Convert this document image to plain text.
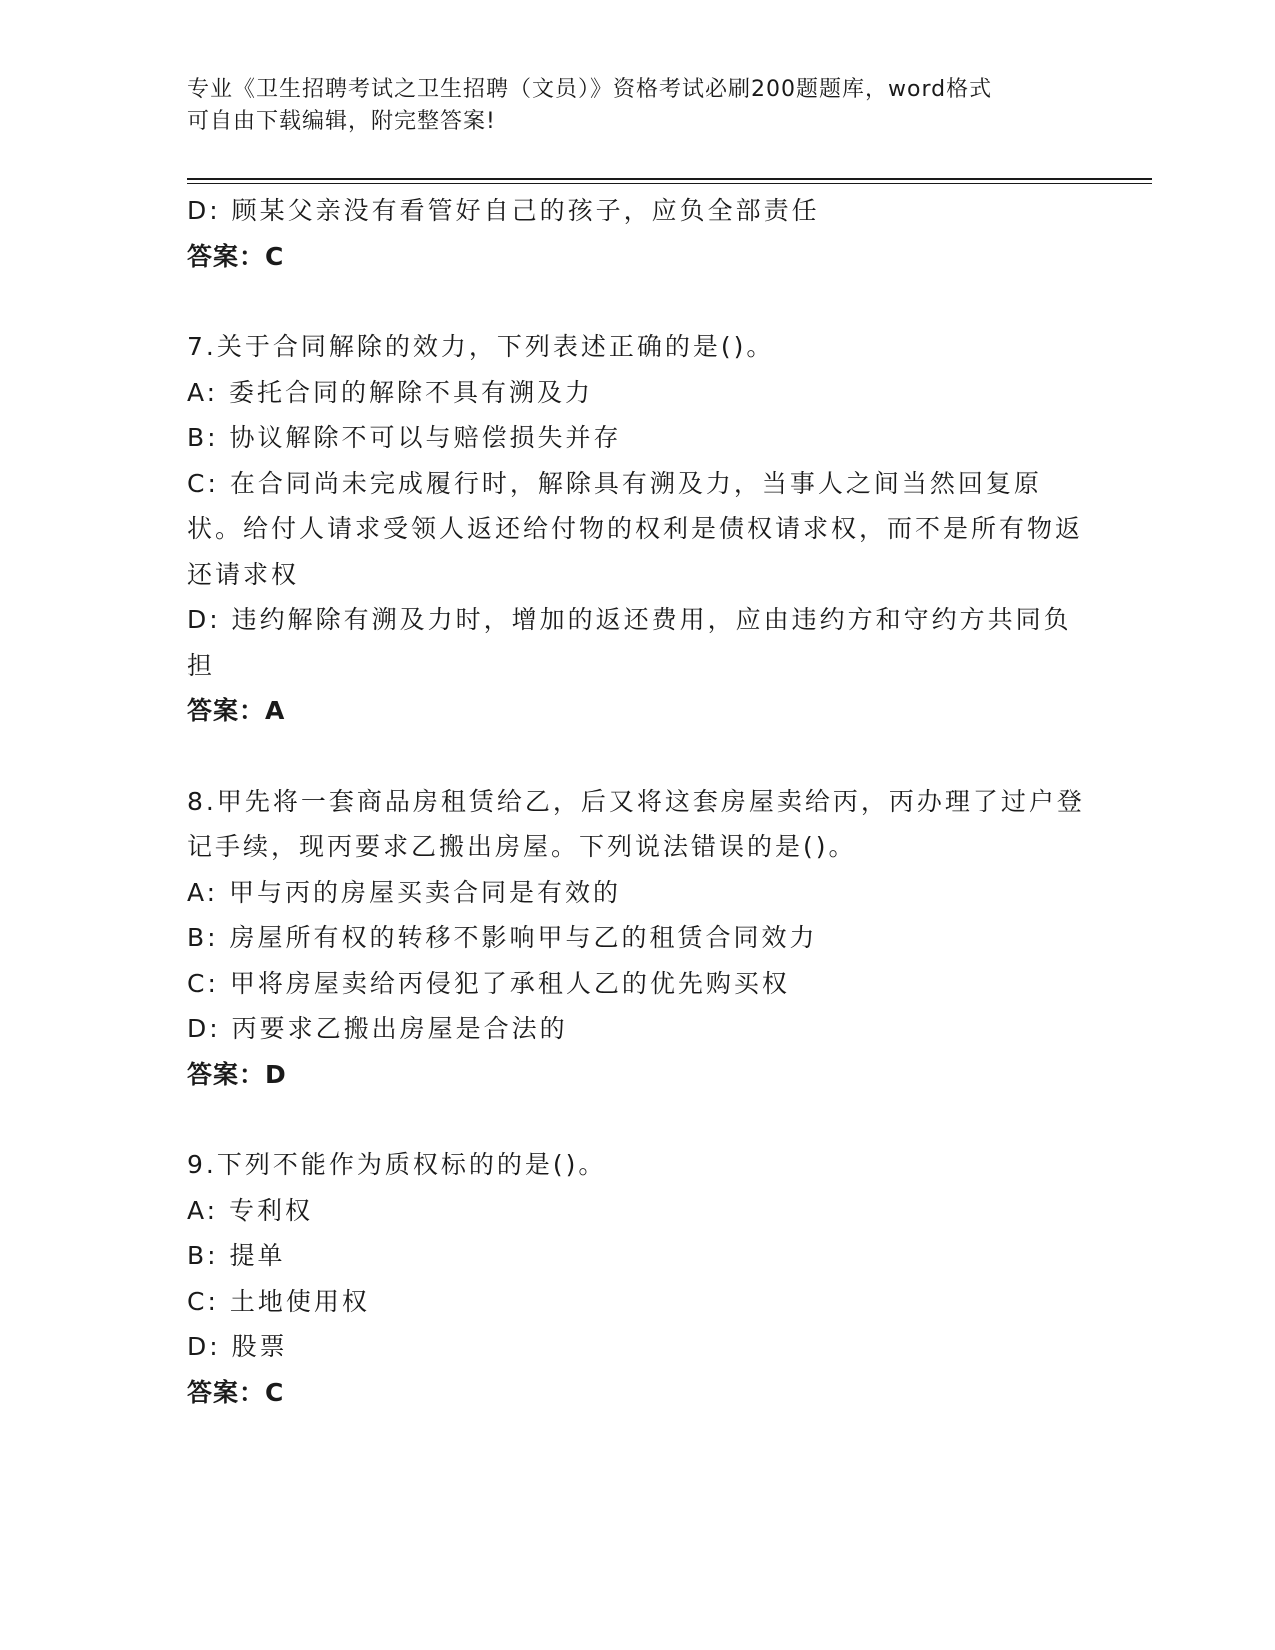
专业《卫生招聘考试之卫生招聘（文员）》资格考试必刷200题题库，word格式
可自由下载编辑，附完整答案!

D: 顾某父亲没有看管好自己的孩子，应负全部责任

答案：C

7.关于合同解除的效力，下列表述正确的是()。

A: 委托合同的解除不具有溯及力

B: 协议解除不可以与赔偿损失并存

C: 在合同尚未完成履行时，解除具有溯及力，当事人之间当然回复原状。给付人请求受领人返还给付物的权利是债权请求权，而不是所有物返还请求权

D: 违约解除有溯及力时，增加的返还费用，应由违约方和守约方共同负担

答案：A

8.甲先将一套商品房租赁给乙，后又将这套房屋卖给丙，丙办理了过户登记手续，现丙要求乙搬出房屋。下列说法错误的是()。

A: 甲与丙的房屋买卖合同是有效的

B: 房屋所有权的转移不影响甲与乙的租赁合同效力

C: 甲将房屋卖给丙侵犯了承租人乙的优先购买权

D: 丙要求乙搬出房屋是合法的

答案：D

9.下列不能作为质权标的的是()。

A: 专利权

B: 提单

C: 土地使用权

D: 股票

答案：C
